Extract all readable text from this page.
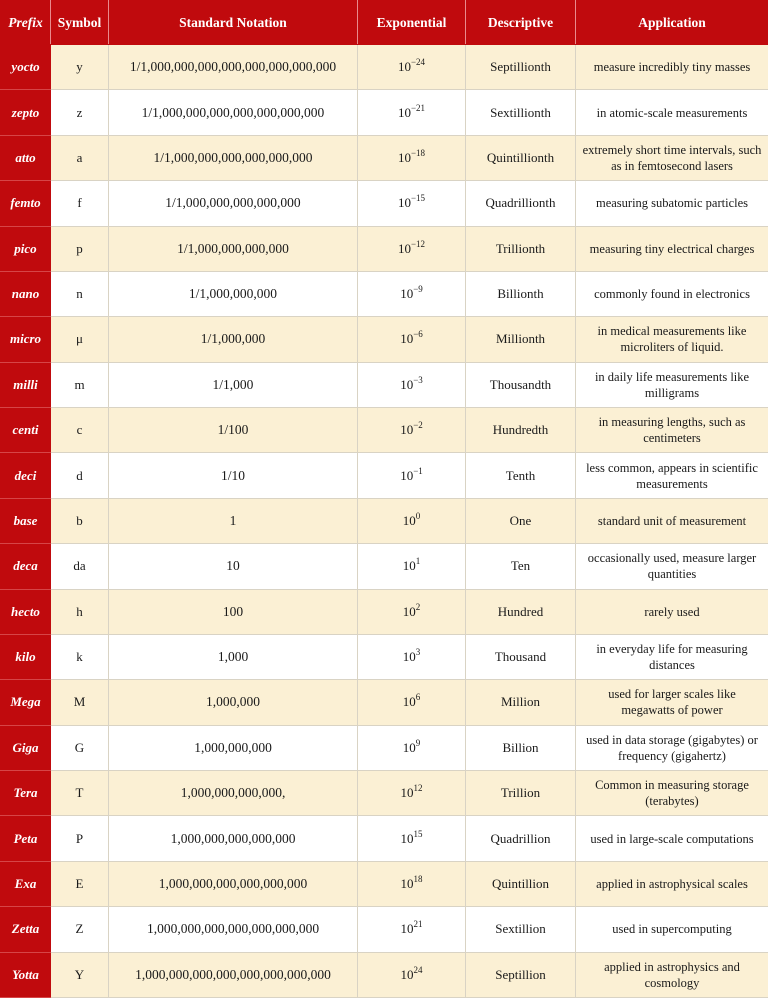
Prefix	Symbol	Standard Notation	Exponential	Descriptive	Application
yocto	y	1/1,000,000,000,000,000,000,000,000	$10^{-24}$	Septillionth	measure incredibly tiny masses
zepto	z	1/1,000,000,000,000,000,000,000	$10^{-21}$	Sextillionth	in atomic-scale measurements
atto	a	1/1,000,000,000,000,000,000	$10^{-18}$	Quintillionth	extremely short time intervals, such as in femtosecond lasers
femto	f	1/1,000,000,000,000,000	$10^{-15}$	Quadrillionth	measuring subatomic particles
pico	p	1/1,000,000,000,000	$10^{-12}$	Trillionth	measuring tiny electrical charges
nano	n	1/1,000,000,000	$10^{-9}$	Billionth	commonly found in electronics
micro	μ	1/1,000,000	$10^{-6}$	Millionth	in medical measurements like microliters of liquid.
milli	m	1/1,000	$10^{-3}$	Thousandth	in daily life measurements like milligrams
centi	c	1/100	$10^{-2}$	Hundredth	in measuring lengths, such as centimeters
deci	d	1/10	$10^{-1}$	Tenth	less common, appears in scientific measurements
base	b	1	$10^0$	One	standard unit of measurement
deca	da	10	$10^1$	Ten	occasionally used, measure larger quantities
hecto	h	100	$10^2$	Hundred	rarely used
kilo	k	1,000	$10^3$	Thousand	in everyday life for measuring distances
Mega	M	1,000,000	$10^6$	Million	used for larger scales like megawatts of power
Giga	G	1,000,000,000	$10^9$	Billion	used in data storage (gigabytes) or frequency (gigahertz)
Tera	T	1,000,000,000,000,	$10^{12}$	Trillion	Common in measuring storage (terabytes)
Peta	P	1,000,000,000,000,000	$10^{15}$	Quadrillion	used in large-scale computations
Exa	E	1,000,000,000,000,000,000	$10^{18}$	Quintillion	applied in astrophysical scales
Zetta	Z	1,000,000,000,000,000,000,000	$10^{21}$	Sextillion	used in supercomputing
Yotta	Y	1,000,000,000,000,000,000,000,000	$10^{24}$	Septillion	applied in astrophysics and cosmology
